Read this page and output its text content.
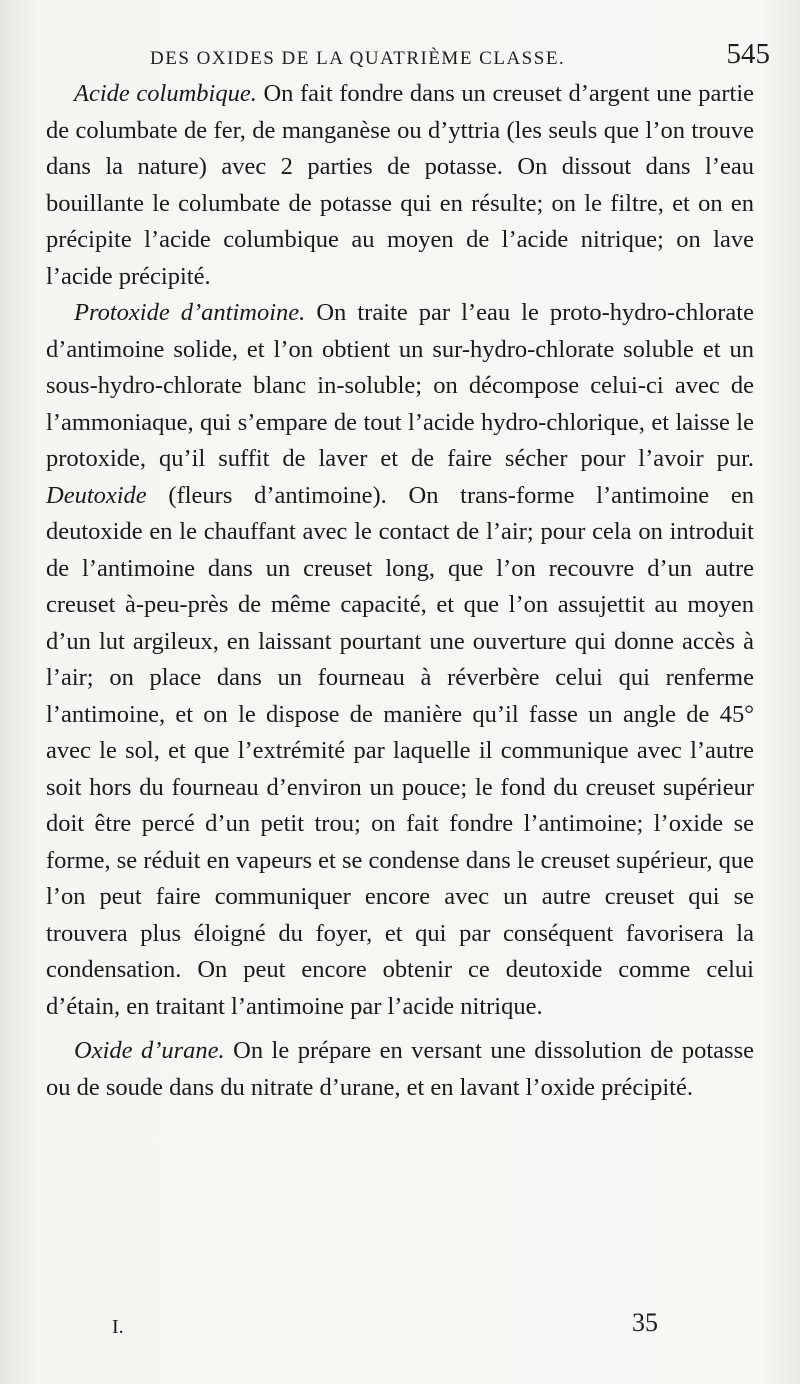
DES OXIDES DE LA QUATRIÈME CLASSE.	545

Acide columbique. On fait fondre dans un creuset d’argent une partie de columbate de fer, de manganèse ou d’yttria (les seuls que l’on trouve dans la nature) avec 2 parties de potasse. On dissout dans l’eau bouillante le columbate de potasse qui en résulte; on le filtre, et on en précipite l’acide columbique au moyen de l’acide nitrique; on lave l’acide précipité.

Protoxide d’antimoine. On traite par l’eau le proto-hydro-chlorate d’antimoine solide, et l’on obtient un sur-hydro-chlorate soluble et un sous-hydro-chlorate blanc in-soluble; on décompose celui-ci avec de l’ammoniaque, qui s’empare de tout l’acide hydro-chlorique, et laisse le protoxide, qu’il suffit de laver et de faire sécher pour l’avoir pur. Deutoxide (fleurs d’antimoine). On trans-forme l’antimoine en deutoxide en le chauffant avec le contact de l’air; pour cela on introduit de l’antimoine dans un creuset long, que l’on recouvre d’un autre creuset à-peu-près de même capacité, et que l’on assujettit au moyen d’un lut argileux, en laissant pourtant une ouverture qui donne accès à l’air; on place dans un fourneau à réverbère celui qui renferme l’antimoine, et on le dispose de manière qu’il fasse un angle de 45° avec le sol, et que l’extrémité par laquelle il communique avec l’autre soit hors du fourneau d’environ un pouce; le fond du creuset supérieur doit être percé d’un petit trou; on fait fondre l’antimoine; l’oxide se forme, se réduit en vapeurs et se condense dans le creuset supérieur, que l’on peut faire communiquer encore avec un autre creuset qui se trouvera plus éloigné du foyer, et qui par conséquent favorisera la condensation. On peut encore obtenir ce deutoxide comme celui d’étain, en traitant l’antimoine par l’acide nitrique.

Oxide d’urane. On le prépare en versant une dissolution de potasse ou de soude dans du nitrate d’urane, et en lavant l’oxide précipité.

I.	35
